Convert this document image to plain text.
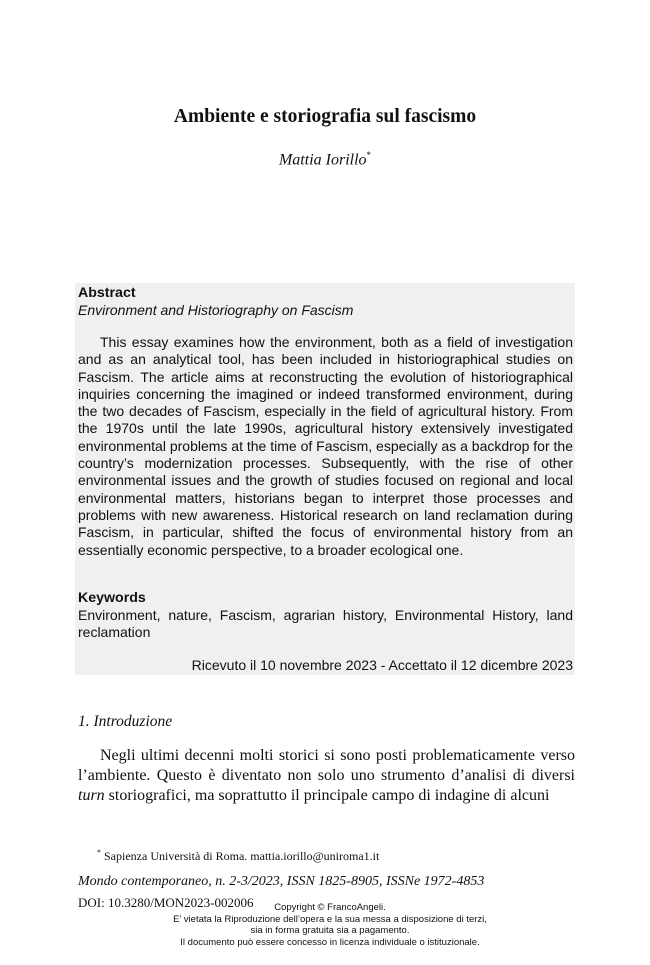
Ambiente e storiografia sul fascismo
Mattia Iorillo*
Abstract
Environment and Historiography on Fascism
This essay examines how the environment, both as a field of investigation and as an analytical tool, has been included in historiographical studies on Fascism. The article aims at reconstructing the evolution of historiographical inquiries concerning the imagined or indeed transformed environment, during the two decades of Fascism, especially in the field of agricultural history. From the 1970s until the late 1990s, agricultural history extensively investigated environmental problems at the time of Fascism, especially as a backdrop for the country’s modernization processes. Subsequently, with the rise of other environmental issues and the growth of studies focused on regional and local environmental matters, historians began to interpret those processes and problems with new awareness. Historical research on land reclamation during Fascism, in particular, shifted the focus of environmental history from an essentially economic perspective, to a broader ecological one.
Keywords
Environment, nature, Fascism, agrarian history, Environmental History, land reclamation
Ricevuto il 10 novembre 2023 - Accettato il 12 dicembre 2023
1. Introduzione
Negli ultimi decenni molti storici si sono posti problematicamente verso l’ambiente. Questo è diventato non solo uno strumento d’analisi di diversi turn storiografici, ma soprattutto il principale campo di indagine di alcuni
* Sapienza Università di Roma. mattia.iorillo@uniroma1.it
Mondo contemporaneo, n. 2-3/2023, ISSN 1825-8905, ISSNe 1972-4853
DOI: 10.3280/MON2023-002006	Copyright © FrancoAngeli.
E’ vietata la Riproduzione dell’opera e la sua messa a disposizione di terzi,
sia in forma gratuita sia a pagamento.
Il documento può essere concesso in licenza individuale o istituzionale.
